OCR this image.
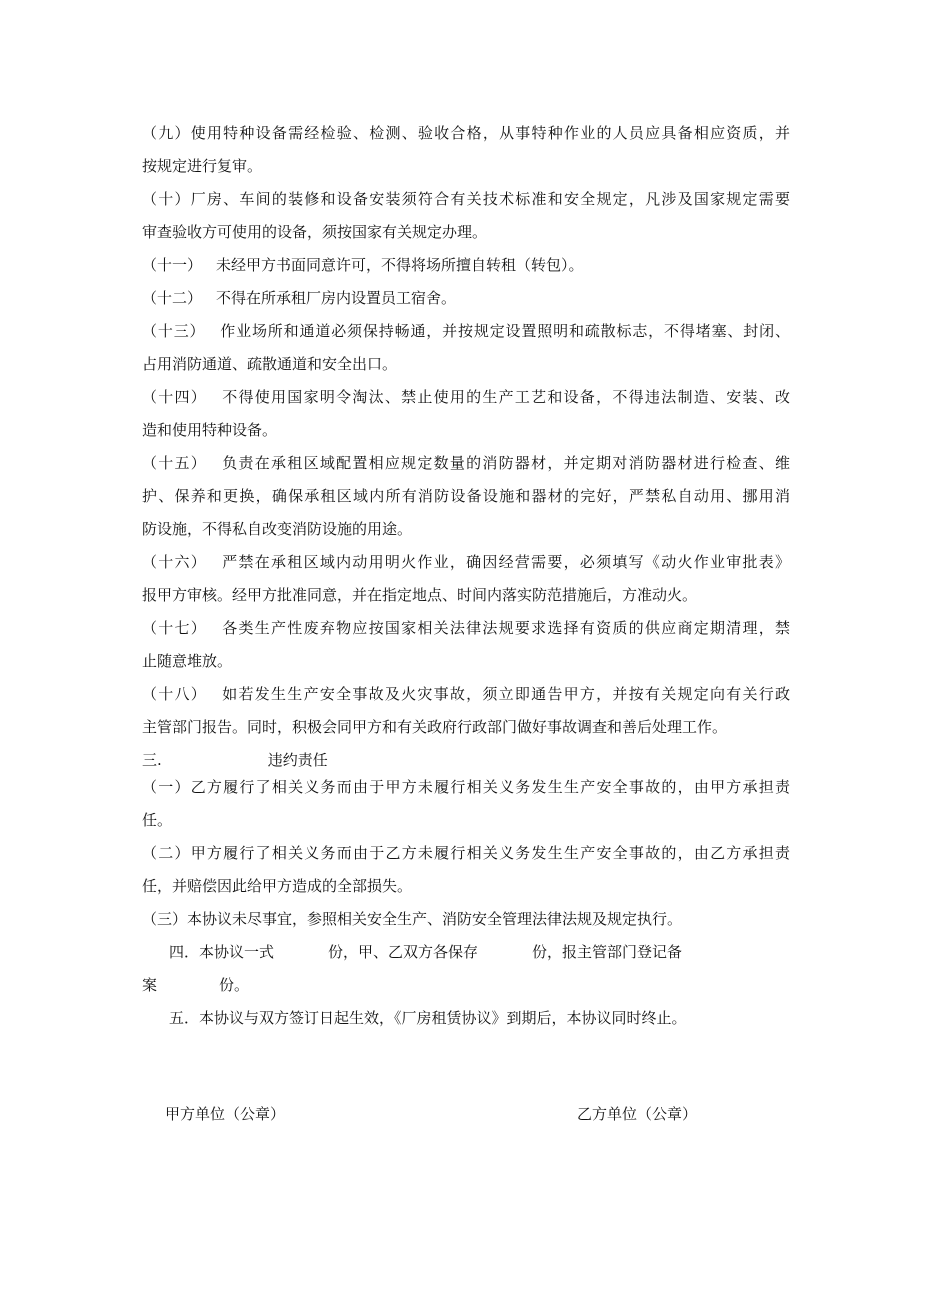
（九）使用特种设备需经检验、检测、验收合格，从事特种作业的人员应具备相应资质，并
按规定进行复审。
（十）厂房、车间的装修和设备安装须符合有关技术标准和安全规定，凡涉及国家规定需要
审查验收方可使用的设备，须按国家有关规定办理。
（十一） 未经甲方书面同意许可，不得将场所擅自转租（转包）。
（十二） 不得在所承租厂房内设置员工宿舍。
（十三） 作业场所和通道必须保持畅通，并按规定设置照明和疏散标志，不得堵塞、封闭、
占用消防通道、疏散通道和安全出口。
（十四） 不得使用国家明令淘汰、禁止使用的生产工艺和设备，不得违法制造、安装、改
造和使用特种设备。
（十五） 负责在承租区域配置相应规定数量的消防器材，并定期对消防器材进行检查、维
护、保养和更换，确保承租区域内所有消防设备设施和器材的完好，严禁私自动用、挪用消
防设施，不得私自改变消防设施的用途。
（十六） 严禁在承租区域内动用明火作业，确因经营需要，必须填写《动火作业审批表》
报甲方审核。经甲方批准同意，并在指定地点、时间内落实防范措施后，方准动火。
（十七） 各类生产性废弃物应按国家相关法律法规要求选择有资质的供应商定期清理，禁
止随意堆放。
（十八） 如若发生生产安全事故及火灾事故，须立即通告甲方，并按有关规定向有关行政
主管部门报告。同时，积极会同甲方和有关政府行政部门做好事故调查和善后处理工作。
三.	违约责任
（一）乙方履行了相关义务而由于甲方未履行相关义务发生生产安全事故的，由甲方承担责
任。
（二）甲方履行了相关义务而由于乙方未履行相关义务发生生产安全事故的，由乙方承担责
任，并赔偿因此给甲方造成的全部损失。
（三）本协议未尽事宜，参照相关安全生产、消防安全管理法律法规及规定执行。
四．本协议一式	份，甲、乙双方各保存	份，报主管部门登记备
案	份。
五．本协议与双方签订日起生效，《厂房租赁协议》到期后，本协议同时终止。
甲方单位（公章）	乙方单位（公章）
